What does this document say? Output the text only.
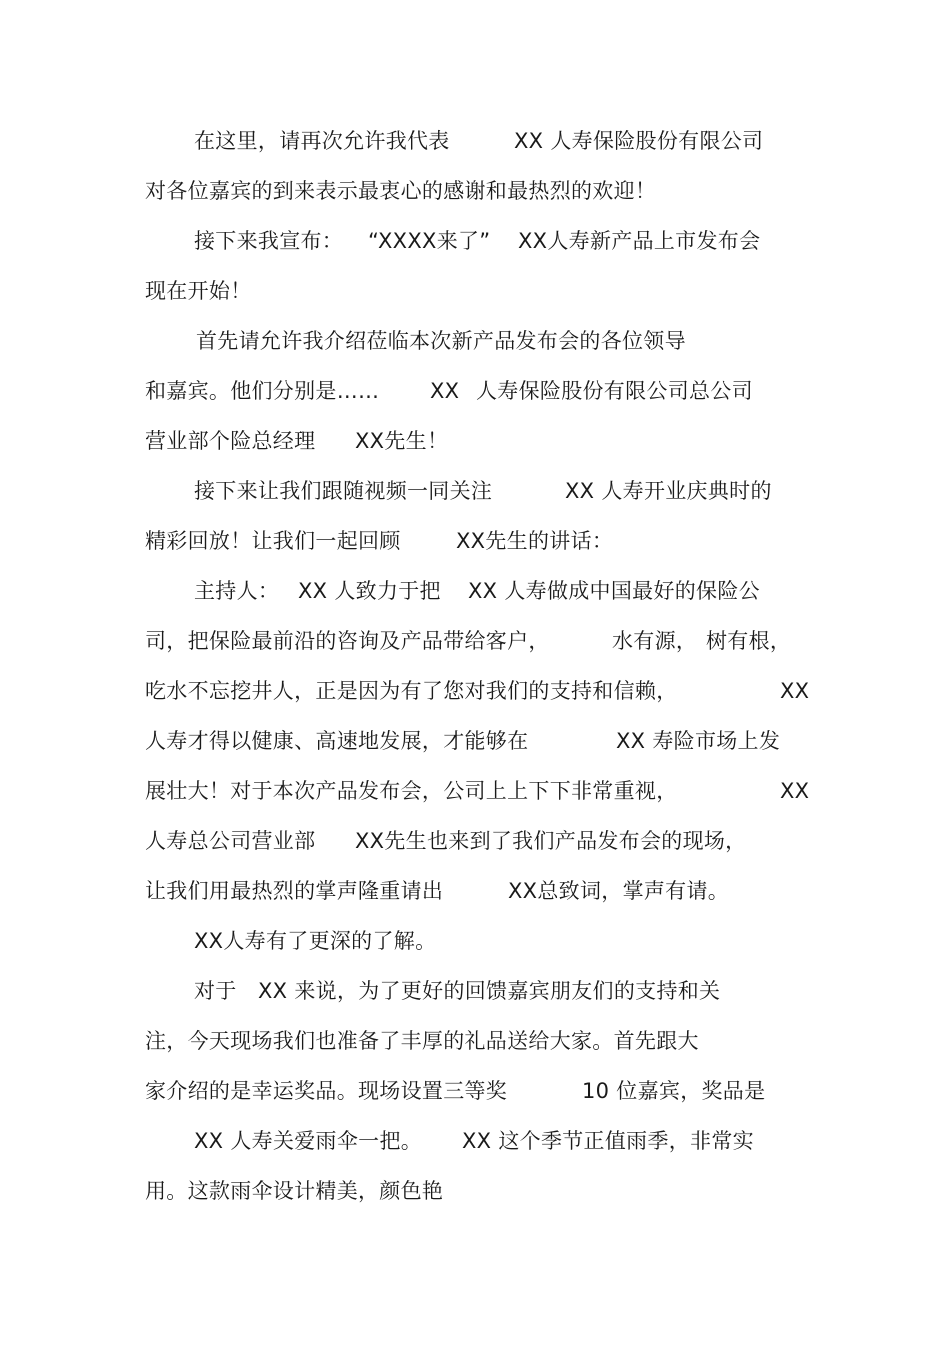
在这里，请再次允许我代表	XX 人寿保险股份有限公司
对各位嘉宾的到来表示最衷心的感谢和最热烈的欢迎！
接下来我宣布： “XXXX来了” XX人寿新产品上市发布会
现在开始！
首先请允许我介绍莅临本次新产品发布会的各位领导
和嘉宾。他们分别是…… XX 人寿保险股份有限公司总公司
营业部个险总经理 XX先生！
接下来让我们跟随视频一同关注	XX 人寿开业庆典时的
精彩回放！让我们一起回顾	XX先生的讲话：
主持人： XX 人致力于把 XX 人寿做成中国最好的保险公
司，把保险最前沿的咨询及产品带给客户，	水有源， 树有根，
吃水不忘挖井人，正是因为有了您对我们的支持和信赖，	XX
人寿才得以健康、高速地发展，才能够在	XX 寿险市场上发
展壮大！对于本次产品发布会，公司上上下下非常重视，	XX
人寿总公司营业部 XX先生也来到了我们产品发布会的现场，
让我们用最热烈的掌声隆重请出	XX总致词，掌声有请。
XX人寿有了更深的了解。
对于 XX 来说，为了更好的回馈嘉宾朋友们的支持和关
注，今天现场我们也准备了丰厚的礼品送给大家。首先跟大
家介绍的是幸运奖品。现场设置三等奖	10 位嘉宾，奖品是
XX 人寿关爱雨伞一把。 XX 这个季节正值雨季，非常实
用。这款雨伞设计精美，颜色艳
